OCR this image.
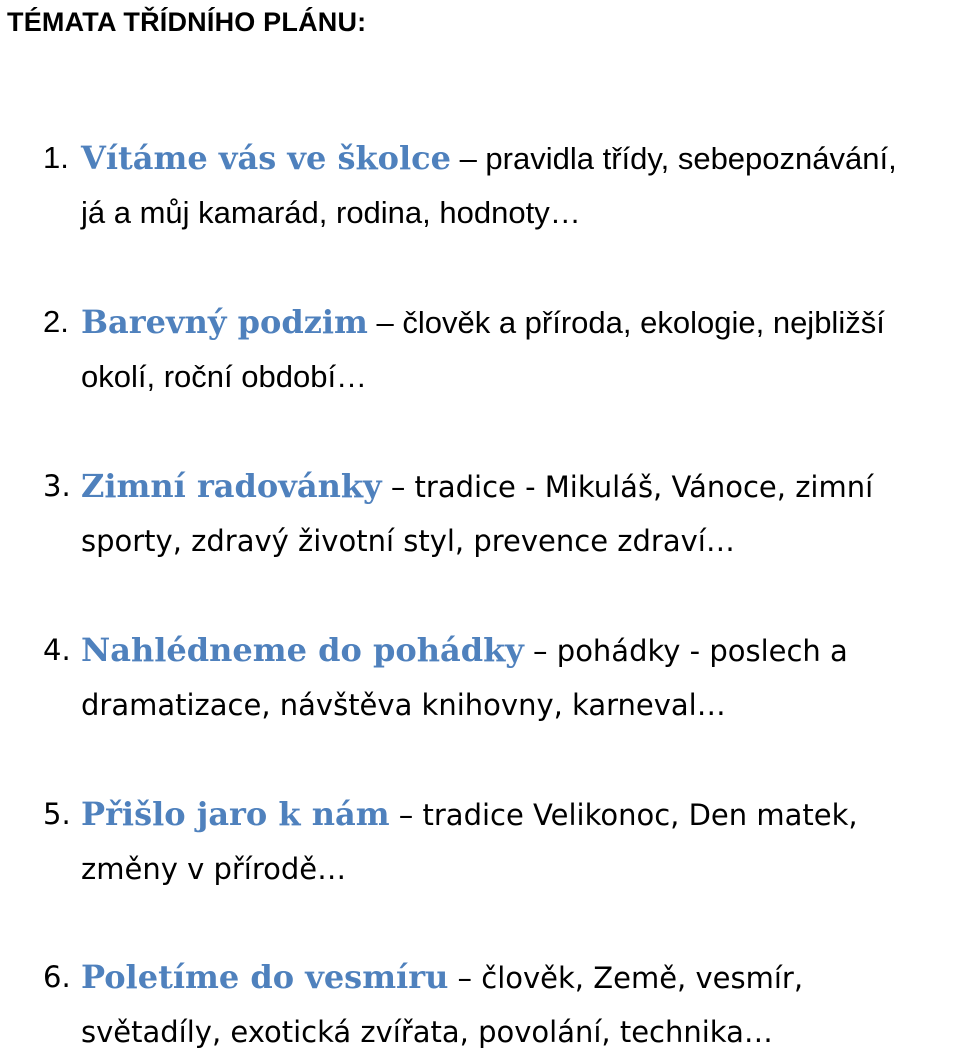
TÉMATA TŘÍDNÍHO PLÁNU:
1. Vítáme vás ve školce – pravidla třídy, sebepoznávání,
já a můj kamarád, rodina, hodnoty…
2. Barevný podzim – člověk a příroda, ekologie, nejbližší
okolí, roční období…
3. Zimní radovánky – tradice - Mikuláš, Vánoce, zimní
sporty, zdravý životní styl, prevence zdraví…
4. Nahlédneme do pohádky – pohádky - poslech a
dramatizace, návštěva knihovny, karneval…
5. Přišlo jaro k nám – tradice Velikonoc, Den matek,
změny v přírodě…
6. Poletíme do vesmíru – člověk, Země, vesmír,
světadíly, exotická zvířata, povolání, technika…
